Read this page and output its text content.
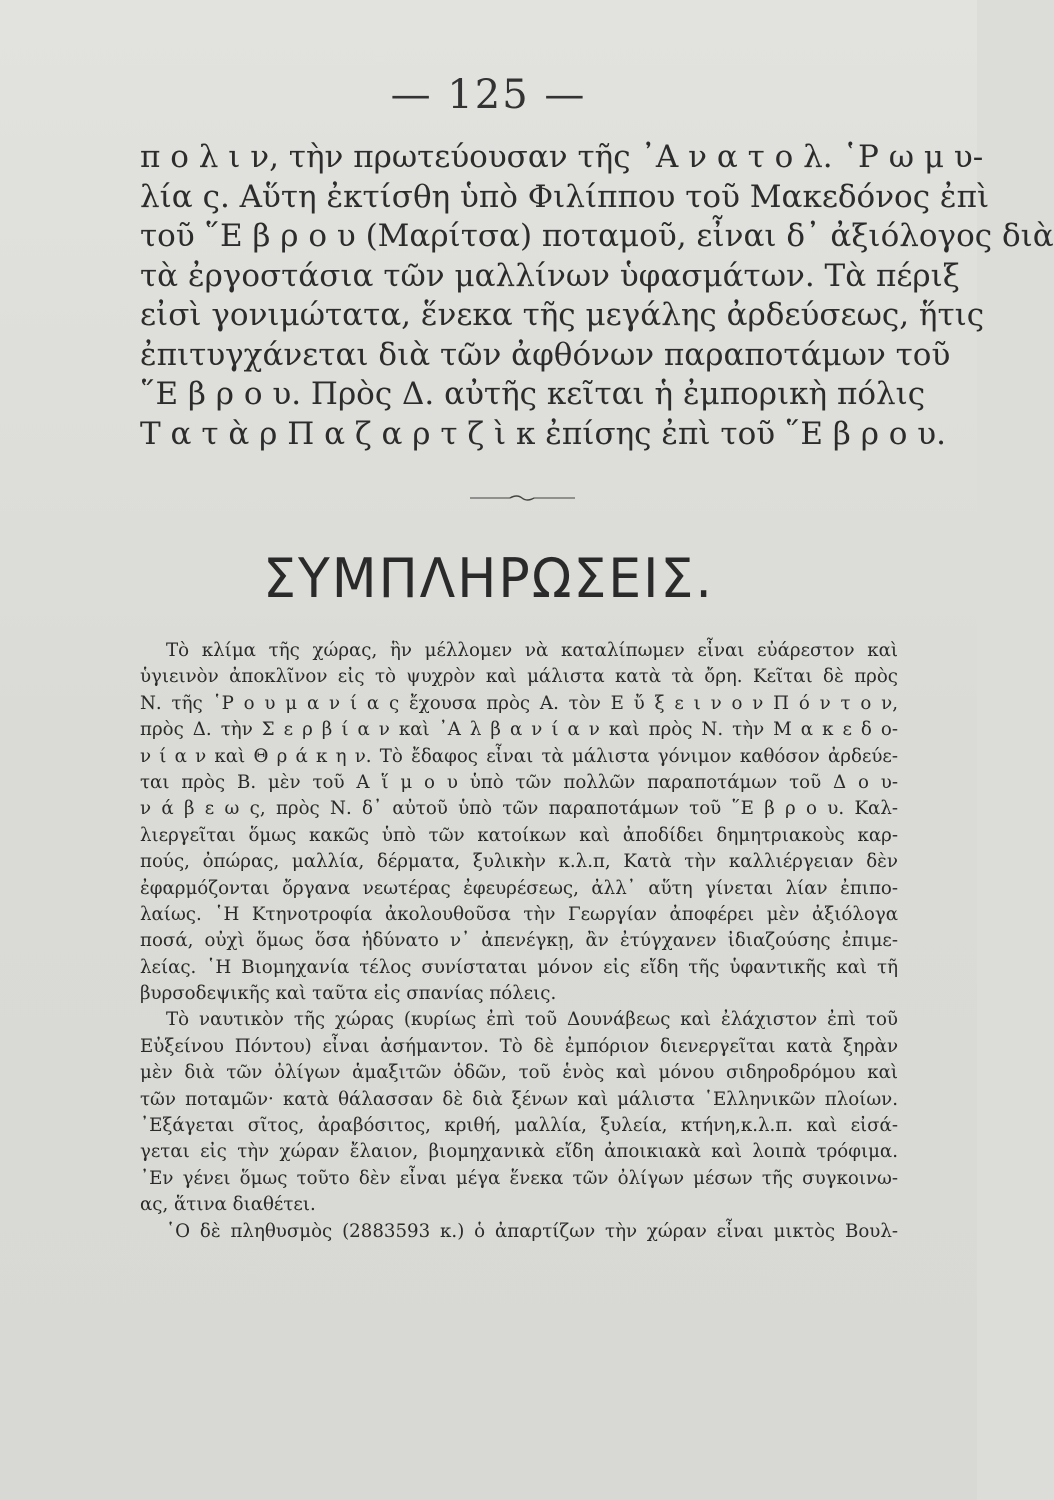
— 125 —
π ο λ ι ν, τὴν πρωτεύουσαν τῆς ᾿Α ν α τ ο λ. ῾Ρ ω μ υ-
λία ς. Αὕτη ἐκτίσθη ὑπὸ Φιλίππου τοῦ Μακεδόνος ἐπὶ
τοῦ ῞Ε β ρ ο υ (Μαρίτσα) ποταμοῦ, εἶναι δ᾿ ἀξιόλογος διὰ
τὰ ἐργοστάσια τῶν μαλλίνων ὑφασμάτων. Τὰ πέριξ
εἰσὶ γονιμώτατα, ἕνεκα τῆς μεγάλης ἀρδεύσεως, ἥτις
ἐπιτυγχάνεται διὰ τῶν ἀφθόνων παραποτάμων τοῦ
῞Ε β ρ ο υ. Πρὸς Δ. αὐτῆς κεῖται ἡ ἐμπορικὴ πόλις
Τ α τ ὰ ρ Π α ζ α ρ τ ζ ὶ κ ἐπίσης ἐπὶ τοῦ ῞Ε β ρ ο υ.
ΣΥΜΠΛΗΡΩΣΕΙΣ.
Τὸ κλίμα τῆς χώρας, ἣν μέλλομεν νὰ καταλίπωμεν εἶναι εὐάρεστον καὶ
ὑγιεινὸν ἀποκλῖνον εἰς τὸ ψυχρὸν καὶ μάλιστα κατὰ τὰ ὄρη. Κεῖται δὲ πρὸς
Ν. τῆς ῾Ρ ο υ μ α ν ί α ς ἔχουσα πρὸς Α. τὸν Ε ὔ ξ ε ι ν ο ν Π ό ν τ ο ν,
πρὸς Δ. τὴν Σ ε ρ β ί α ν καὶ ᾿Α λ β α ν ί α ν καὶ πρὸς Ν. τὴν Μ α κ ε δ ο-
ν ί α ν καὶ Θ ρ ά κ η ν. Τὸ ἔδαφος εἶναι τὰ μάλιστα γόνιμον καθόσον ἀρδεύε-
ται πρὸς Β. μὲν τοῦ Α ἵ μ ο υ ὑπὸ τῶν πολλῶν παραποτάμων τοῦ Δ ο υ-
ν ά β ε ω ς, πρὸς Ν. δ᾿ αὐτοῦ ὑπὸ τῶν παραποτάμων τοῦ ῞Ε β ρ ο υ. Καλ-
λιεργεῖται ὅμως κακῶς ὑπὸ τῶν κατοίκων καὶ ἀποδίδει δημητριακοὺς καρ-
πούς, ὀπώρας, μαλλία, δέρματα, ξυλικὴν κ.λ.π, Κατὰ τὴν καλλιέργειαν δὲν
ἐφαρμόζονται ὄργανα νεωτέρας ἐφευρέσεως, ἀλλ᾿ αὕτη γίνεται λίαν ἐπιπο-
λαίως. ῾Η Κτηνοτροφία ἀκολουθοῦσα τὴν Γεωργίαν ἀποφέρει μὲν ἀξιόλογα
ποσά, οὐχὶ ὅμως ὅσα ἠδύνατο ν᾿ ἀπενέγκῃ, ἂν ἐτύγχανεν ἰδιαζούσης ἐπιμε-
λείας. ῾Η Βιομηχανία τέλος συνίσταται μόνον εἰς εἴδη τῆς ὑφαντικῆς καὶ τῆ
βυρσοδεψικῆς καὶ ταῦτα εἰς σπανίας πόλεις.
Τὸ ναυτικὸν τῆς χώρας (κυρίως ἐπὶ τοῦ Δουνάβεως καὶ ἐλάχιστον ἐπὶ τοῦ
Εὐξείνου Πόντου) εἶναι ἀσήμαντον. Τὸ δὲ ἐμπόριον διενεργεῖται κατὰ ξηρὰν
μὲν διὰ τῶν ὀλίγων ἁμαξιτῶν ὁδῶν, τοῦ ἑνὸς καὶ μόνου σιδηροδρόμου καὶ
τῶν ποταμῶν· κατὰ θάλασσαν δὲ διὰ ξένων καὶ μάλιστα ῾Ελληνικῶν πλοίων.
᾿Εξάγεται σῖτος, ἀραβόσιτος, κριθή, μαλλία, ξυλεία, κτήνη,κ.λ.π. καὶ εἰσά-
γεται εἰς τὴν χώραν ἔλαιον, βιομηχανικὰ εἴδη ἀποικιακὰ καὶ λοιπὰ τρόφιμα.
᾿Εν γένει ὅμως τοῦτο δὲν εἶναι μέγα ἕνεκα τῶν ὀλίγων μέσων τῆς συγκοινω-
ας, ἅτινα διαθέτει.
῾Ο δὲ πληθυσμὸς (2883593 κ.) ὁ ἀπαρτίζων τὴν χώραν εἶναι μικτὸς Βουλ-
